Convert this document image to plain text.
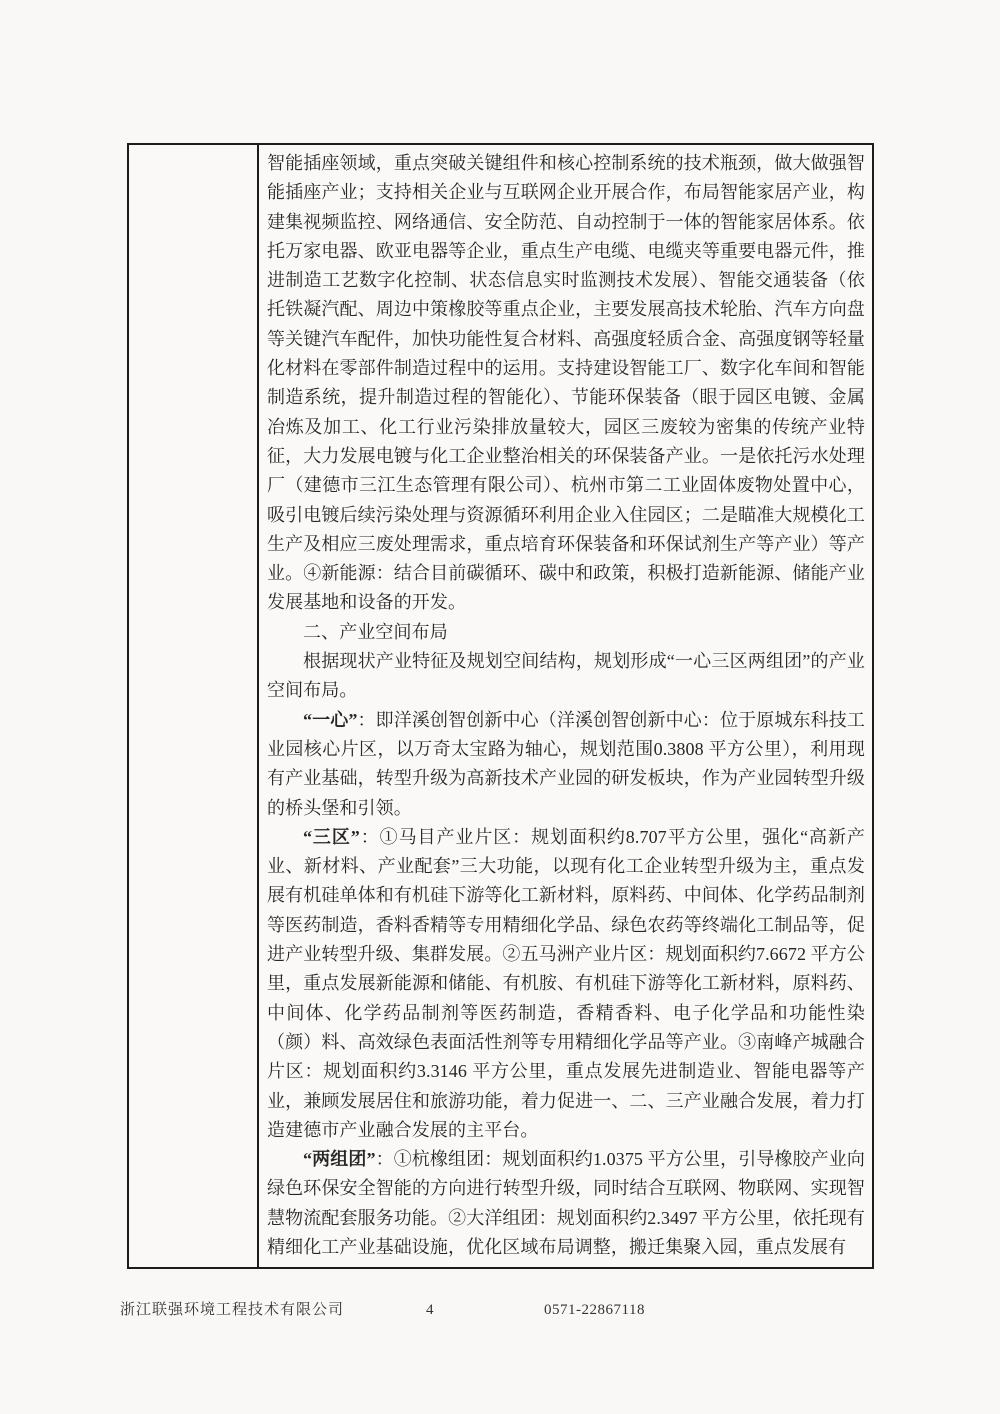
智能插座领域，重点突破关键组件和核心控制系统的技术瓶颈，做大做强智能插座产业；支持相关企业与互联网企业开展合作，布局智能家居产业，构建集视频监控、网络通信、安全防范、自动控制于一体的智能家居体系。依托万家电器、欧亚电器等企业，重点生产电缆、电缆夹等重要电器元件，推进制造工艺数字化控制、状态信息实时监测技术发展）、智能交通装备（依托铁凝汽配、周边中策橡胶等重点企业，主要发展高技术轮胎、汽车方向盘等关键汽车配件，加快功能性复合材料、高强度轻质合金、高强度钢等轻量化材料在零部件制造过程中的运用。支持建设智能工厂、数字化车间和智能制造系统，提升制造过程的智能化）、节能环保装备（眼于园区电镀、金属冶炼及加工、化工行业污染排放量较大，园区三废较为密集的传统产业特征，大力发展电镀与化工企业整治相关的环保装备产业。一是依托污水处理厂（建德市三江生态管理有限公司）、杭州市第二工业固体废物处置中心，吸引电镀后续污染处理与资源循环利用企业入住园区；二是瞄准大规模化工生产及相应三废处理需求，重点培育环保装备和环保试剂生产等产业）等产业。④新能源：结合目前碳循环、碳中和政策，积极打造新能源、储能产业发展基地和设备的开发。

二、产业空间布局

根据现状产业特征及规划空间结构，规划形成“一心三区两组团”的产业空间布局。

“一心”：即洋溪创智创新中心（洋溪创智创新中心：位于原城东科技工业园核心片区，以万奇太宝路为轴心，规划范围0.3808 平方公里），利用现有产业基础，转型升级为高新技术产业园的研发板块，作为产业园转型升级的桥头堡和引领。

“三区”：①马目产业片区：规划面积约8.707平方公里，强化“高新产业、新材料、产业配套”三大功能，以现有化工企业转型升级为主，重点发展有机硅单体和有机硅下游等化工新材料，原料药、中间体、化学药品制剂等医药制造，香料香精等专用精细化学品、绿色农药等终端化工制品等，促进产业转型升级、集群发展。②五马洲产业片区：规划面积约7.6672 平方公里，重点发展新能源和储能、有机胺、有机硅下游等化工新材料，原料药、中间体、化学药品制剂等医药制造，香精香料、电子化学品和功能性染（颜）料、高效绿色表面活性剂等专用精细化学品等产业。③南峰产城融合片区：规划面积约3.3146 平方公里，重点发展先进制造业、智能电器等产业，兼顾发展居住和旅游功能，着力促进一、二、三产业融合发展，着力打造建德市产业融合发展的主平台。

“两组团”：①杭橡组团：规划面积约1.0375 平方公里，引导橡胶产业向绿色环保安全智能的方向进行转型升级，同时结合互联网、物联网、实现智慧物流配套服务功能。②大洋组团：规划面积约2.3497 平方公里，依托现有精细化工产业基础设施，优化区域布局调整，搬迁集聚入园，重点发展有

浙江联强环境工程技术有限公司	4	0571-22867118
